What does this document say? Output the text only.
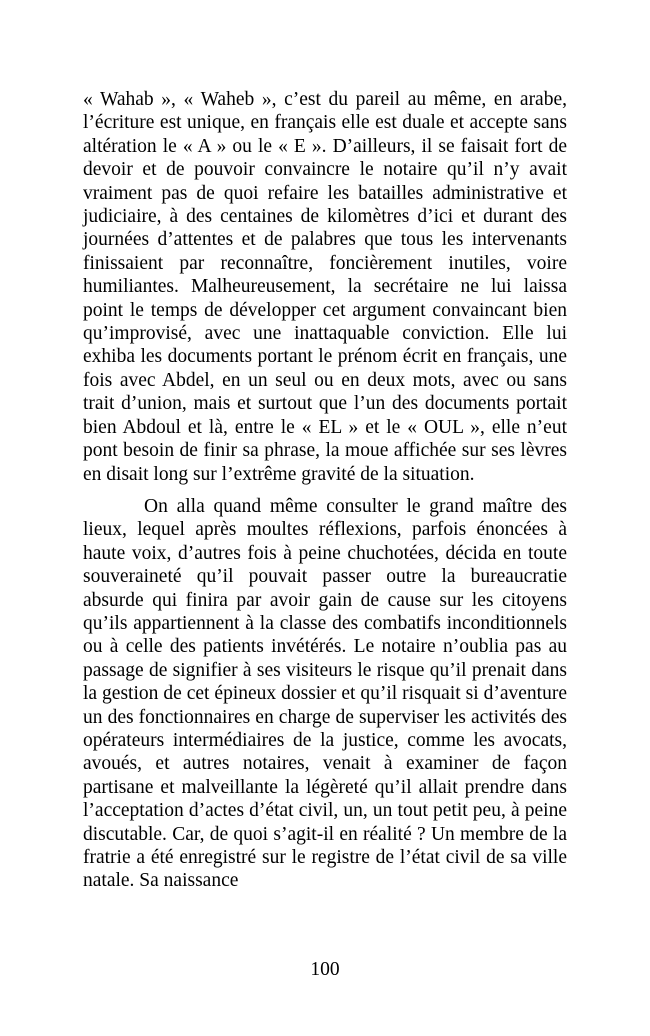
« Wahab », « Waheb », c’est du pareil au même, en arabe, l’écriture est unique, en français elle est duale et accepte sans altération le « A » ou le « E ». D’ailleurs, il se faisait fort de devoir et de pouvoir convaincre le notaire qu’il n’y avait vraiment pas de quoi refaire les batailles administrative et judiciaire, à des centaines de kilomètres d’ici et durant des journées d’attentes et de palabres que tous les intervenants finissaient par reconnaître, foncièrement inutiles, voire humiliantes. Malheureusement, la secrétaire ne lui laissa point le temps de développer cet argument convaincant bien qu’improvisé, avec une inattaquable conviction. Elle lui exhiba les documents portant le prénom écrit en français, une fois avec Abdel, en un seul ou en deux mots, avec ou sans trait d’union, mais et surtout que l’un des documents portait bien Abdoul et là, entre le « EL » et le « OUL », elle n’eut pont besoin de finir sa phrase, la moue affichée sur ses lèvres en disait long sur l’extrême gravité de la situation.

On alla quand même consulter le grand maître des lieux, lequel après moultes réflexions, parfois énoncées à haute voix, d’autres fois à peine chuchotées, décida en toute souveraineté qu’il pouvait passer outre la bureaucratie absurde qui finira par avoir gain de cause sur les citoyens qu’ils appartiennent à la classe des combatifs inconditionnels ou à celle des patients invétérés. Le notaire n’oublia pas au passage de signifier à ses visiteurs le risque qu’il prenait dans la gestion de cet épineux dossier et qu’il risquait si d’aventure un des fonctionnaires en charge de superviser les activités des opérateurs intermédiaires de la justice, comme les avocats, avoués, et autres notaires, venait à examiner de façon partisane et malveillante la légèreté qu’il allait prendre dans l’acceptation d’actes d’état civil, un, un tout petit peu, à peine discutable. Car, de quoi s’agit-il en réalité ? Un membre de la fratrie a été enregistré sur le registre de l’état civil de sa ville natale. Sa naissance

100
